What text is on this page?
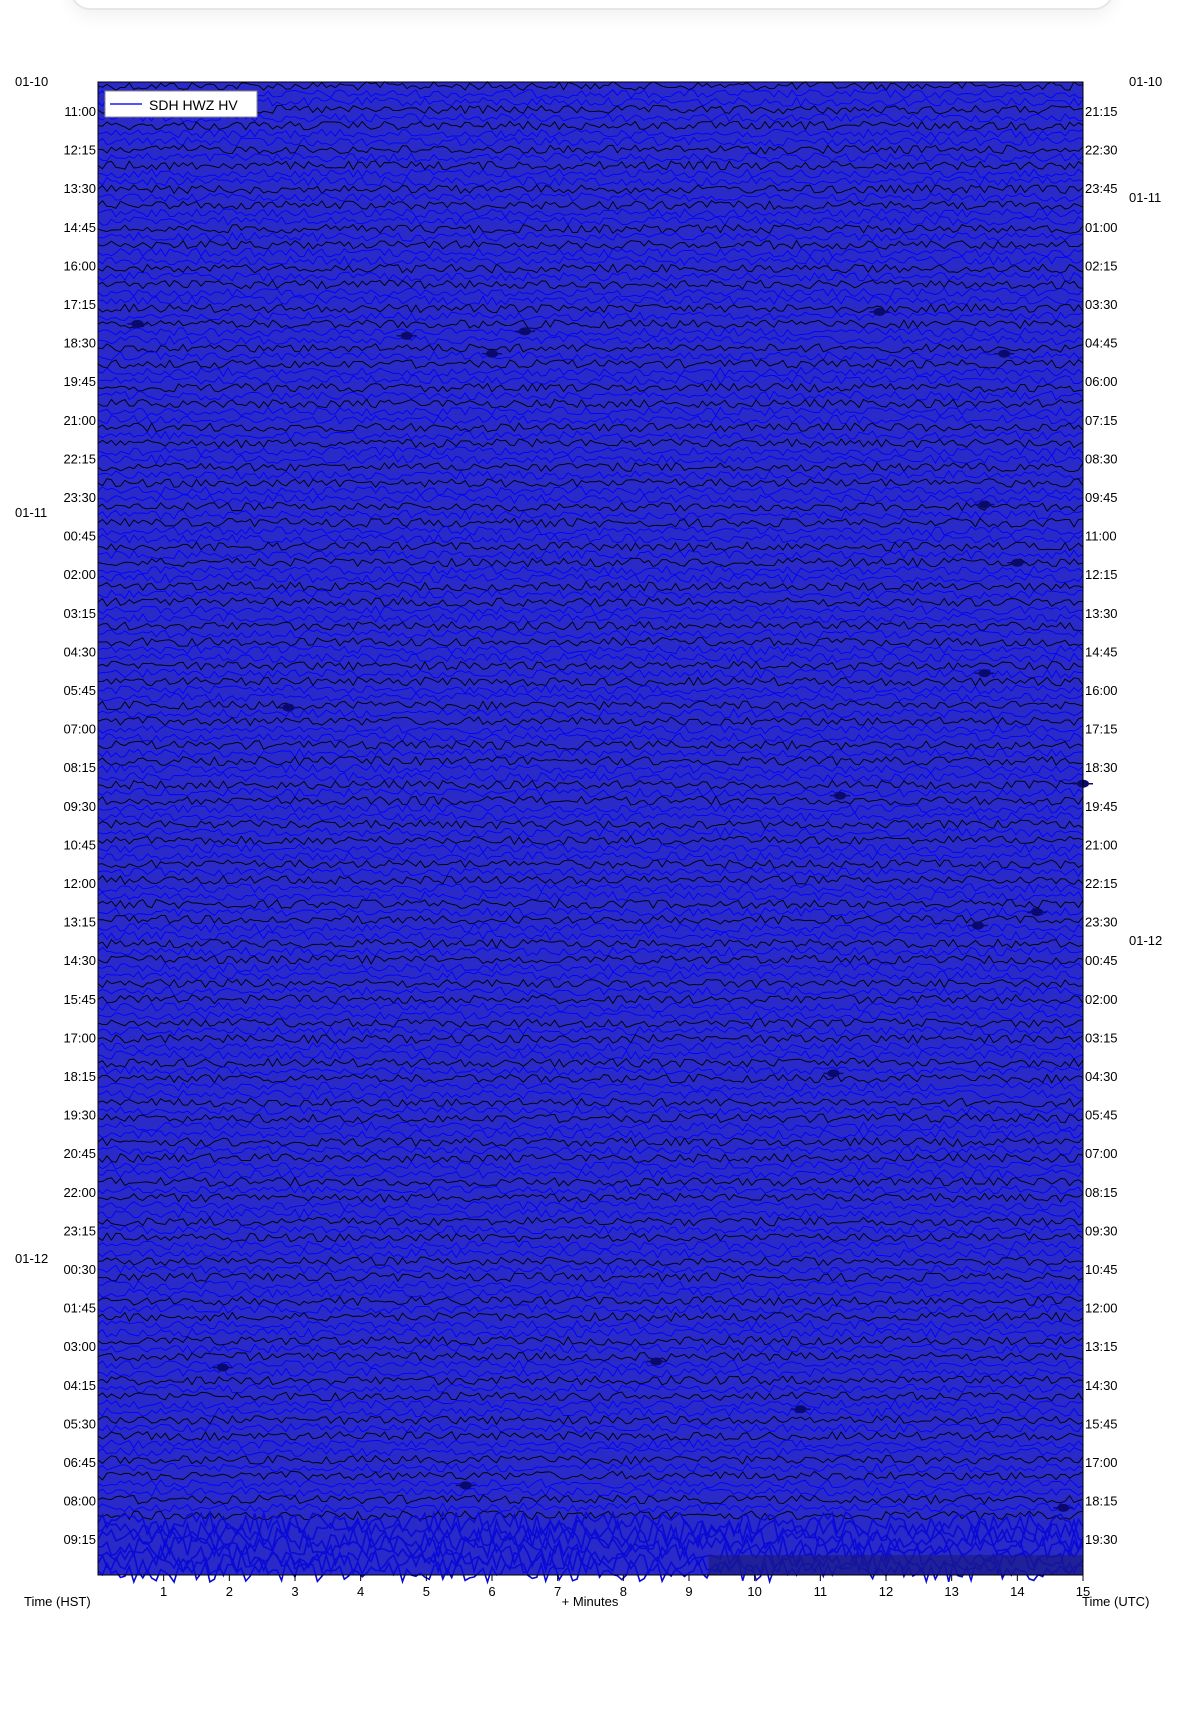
SDH HWZ HV
1	2	3	4	5	6	7	8	9	10	11	12	13	14	15
11:00
12:15
13:30
14:45
16:00
17:15
18:30
19:45
21:00
22:15
23:30
00:45
02:00
03:15
04:30
05:45
07:00
08:15
09:30
10:45
12:00
13:15
14:30
15:45
17:00
18:15
19:30
20:45
22:00
23:15
00:30
01:45
03:00
04:15
05:30
06:45
08:00
09:15
21:15
22:30
23:45
01:00
02:15
03:30
04:45
06:00
07:15
08:30
09:45
11:00
12:15
13:30
14:45
16:00
17:15
18:30
19:45
21:00
22:15
23:30
00:45
02:00
03:15
04:30
05:45
07:00
08:15
09:30
10:45
12:00
13:15
14:30
15:45
17:00
18:15
19:30
01-10
01-11
01-12
01-10
01-11
01-12
Time (HST)	+ Minutes	Time (UTC)
